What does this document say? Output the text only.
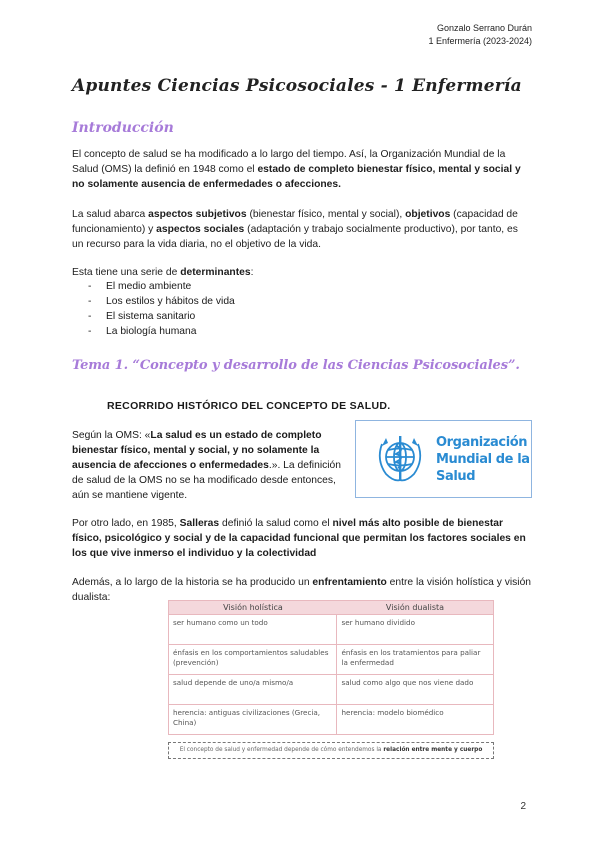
Gonzalo Serrano Durán
1 Enfermería (2023-2024)
Apuntes Ciencias Psicosociales - 1 Enfermería
Introducción
El concepto de salud se ha modificado a lo largo del tiempo. Así, la Organización Mundial de la Salud (OMS) la definió en 1948 como el estado de completo bienestar físico, mental y social y no solamente ausencia de enfermedades o afecciones.
La salud abarca aspectos subjetivos (bienestar físico, mental y social), objetivos (capacidad de funcionamiento) y aspectos sociales (adaptación y trabajo socialmente productivo), por tanto, es un recurso para la vida diaria, no el objetivo de la vida.
Esta tiene una serie de determinantes:
- El medio ambiente
- Los estilos y hábitos de vida
- El sistema sanitario
- La biología humana
Tema 1. “Concepto y desarrollo de las Ciencias Psicosociales”.
RECORRIDO HISTÓRICO DEL CONCEPTO DE SALUD.
Según la OMS: «La salud es un estado de completo bienestar físico, mental y social, y no solamente la ausencia de afecciones o enfermedades.». La definición de salud de la OMS no se ha modificado desde entonces, aún se mantiene vigente.
Organización
Mundial de la Salud
Por otro lado, en 1985, Salleras definió la salud como el nivel más alto posible de bienestar físico, psicológico y social y de la capacidad funcional que permitan los factores sociales en los que vive inmerso el individuo y la colectividad
Además, a lo largo de la historia se ha producido un enfrentamiento entre la visión holística y visión dualista:
Visión holística	Visión dualista
ser humano como un todo	ser humano dividido
énfasis en los comportamientos saludables (prevención)	énfasis en los tratamientos para paliar la enfermedad
salud depende de uno/a mismo/a	salud como algo que nos viene dado
herencia: antiguas civilizaciones (Grecia, China)	herencia: modelo biomédico
El concepto de salud y enfermedad depende de cómo entendemos la relación entre mente y cuerpo
2
